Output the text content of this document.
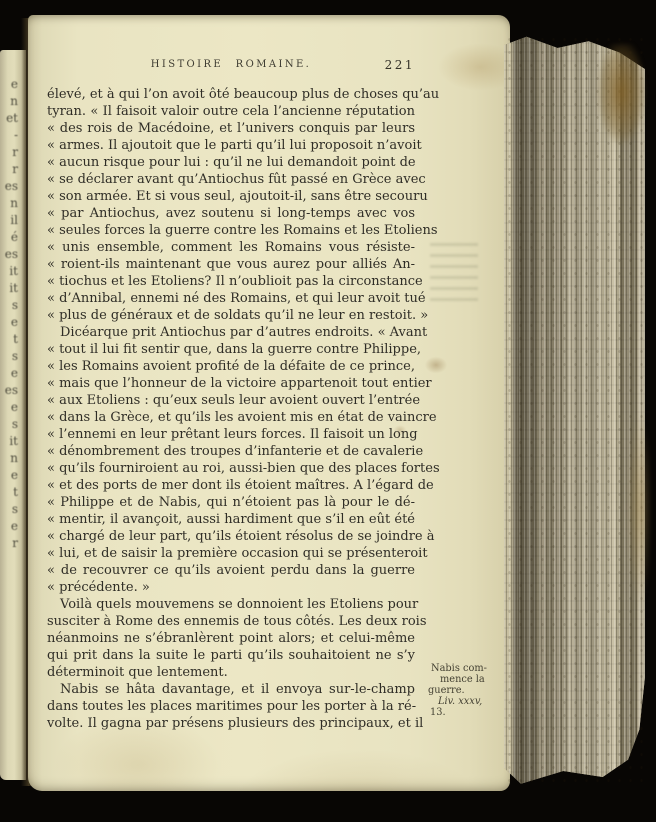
e
n
et
-
r
r
es
n
il
é
es
it
it
s
e
t
s
e
es
e
s
it
n
e
t
s
e
r
HISTOIRE ROMAINE.	221
élevé, et à qui l’on avoit ôté beaucoup plus de choses qu’au
tyran. « Il faisoit valoir outre cela l’ancienne réputation
« des rois de Macédoine, et l’univers conquis par leurs
« armes. Il ajoutoit que le parti qu’il lui proposoit n’avoit
« aucun risque pour lui : qu’il ne lui demandoit point de
« se déclarer avant qu’Antiochus fût passé en Grèce avec
« son armée. Et si vous seul, ajoutoit-il, sans être secouru
« par Antiochus, avez soutenu si long-temps avec vos
« seules forces la guerre contre les Romains et les Etoliens
« unis ensemble, comment les Romains vous résiste-
« roient-ils maintenant que vous aurez pour alliés An-
« tiochus et les Etoliens? Il n’oublioit pas la circonstance
« d’Annibal, ennemi né des Romains, et qui leur avoit tué
« plus de généraux et de soldats qu’il ne leur en restoit. »
Dicéarque prit Antiochus par d’autres endroits. « Avant
« tout il lui fit sentir que, dans la guerre contre Philippe,
« les Romains avoient profité de la défaite de ce prince,
« mais que l’honneur de la victoire appartenoit tout entier
« aux Etoliens : qu’eux seuls leur avoient ouvert l’entrée
« dans la Grèce, et qu’ils les avoient mis en état de vaincre
« l’ennemi en leur prêtant leurs forces. Il faisoit un long
« dénombrement des troupes d’infanterie et de cavalerie
« qu’ils fourniroient au roi, aussi-bien que des places fortes
« et des ports de mer dont ils étoient maîtres. A l’égard de
« Philippe et de Nabis, qui n’étoient pas là pour le dé-
« mentir, il avançoit, aussi hardiment que s’il en eût été
« chargé de leur part, qu’ils étoient résolus de se joindre à
« lui, et de saisir la première occasion qui se présenteroit
« de recouvrer ce qu’ils avoient perdu dans la guerre
« précédente. »
Voilà quels mouvemens se donnoient les Etoliens pour
susciter à Rome des ennemis de tous côtés. Les deux rois
néanmoins ne s’ébranlèrent point alors; et celui-même
qui prit dans la suite le parti qu’ils souhaitoient ne s’y
déterminoit que lentement.
Nabis se hâta davantage, et il envoya sur-le-champ
dans toutes les places maritimes pour les porter à la ré-
volte. Il gagna par présens plusieurs des principaux, et il
Nabis com-
mence la
guerre.
Liv. xxxv,
13.
